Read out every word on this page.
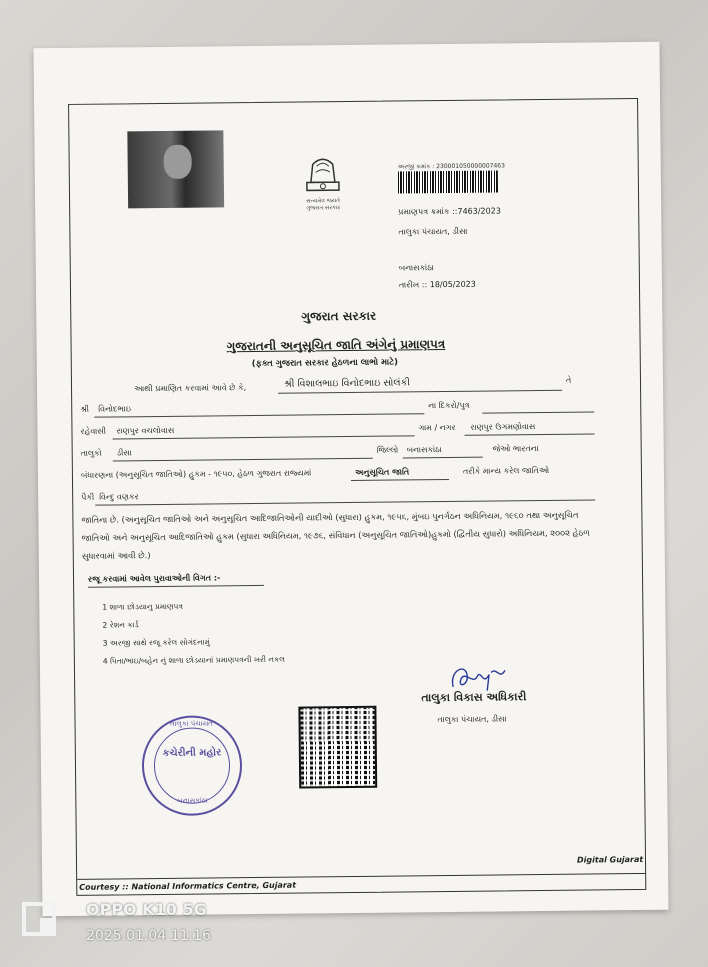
સત્યમેવ જયતે
ગુજરાત સરકાર
અરજી ક્રમાંક : 230001050000007463
પ્રમાણપત્ર ક્રમાંક ::7463/2023
તાલુકા પંચાયત, ડીસા
બનાસકાંઠા
તારીખ :: 18/05/2023
ગુજરાત સરકાર
ગુજરાતની અનુસૂચિત જાતિ અંગેનું પ્રમાણપત્ર
(ફક્ત ગુજરાત સરકાર હેઠળના લાભો માટે)
આથી પ્રમાણિત કરવામાં આવે છે કે,	શ્રી વિશાલભાઇ વિનોદભાઇ સોલંકી	તે
શ્રી વિનોદભાઇ	ના દિકરો/પુત્ર
રહેવાસી રાણપુર વચલોવાસ	ગામ / નગર રાણપુર ઉગમણોવાસ
તાલુકો ડીસા	જિલ્લો બનાસકાંઠા	જેઓ ભારતના
બંધારણના (અનુસૂચિત જાતિઓ) હુકમ - ૧૯૫૦, હેઠળ ગુજરાત રાજ્યમાં	અનુસૂચિત જાતિ	તરીકે માન્ય કરેલ જાતિઓ
પૈકી વિન્દુ વણકર
જાતિના છે. (અનુસૂચિત જાતિઓ અને અનુસૂચિત આદિજાતિઓની યાદીઓ (સુધારા) હુકમ, ૧૯૫૬, મુંબઇ પુનર્ગઠન અધિનિયમ, ૧૯૬૦ તથા અનુસૂચિત જાતિઓ અને અનુસૂચિત આદિજાતિઓ હુકમ (સુધારા અધિનિયમ, ૧૯૭૬, સંવિધાન (અનુસૂચિત જાતિઓ)હુકમો (દ્વિતીય સુધારો) અધિનિયમ, ૨૦૦૨ હેઠળ સુધારવામાં આવી છે.)
રજૂ કરવામાં આવેલ પુરાવાઓની વિગત :-
1 શાળા છોડયાનુ પ્રમાણપત્ર
2 રેશન કાર્ડ
3 અરજી સાથે રજૂ કરેલ સોગંદનામું
4 પિતા/ભાઇ/બહેન નું શાળા છોડયાનાં પ્રમાણપત્રની ખરી નકલ
તાલુકા વિકાસ અધિકારી
તાલુકા પંચાયત, ડીસા
તાલુકા પંચાયત
કચેરીની મહોર
બનાસકાંઠા
Courtesy :: National Informatics Centre, Gujarat
Digital Gujarat
OPPO K10 5G
2025.01.04 11:16
